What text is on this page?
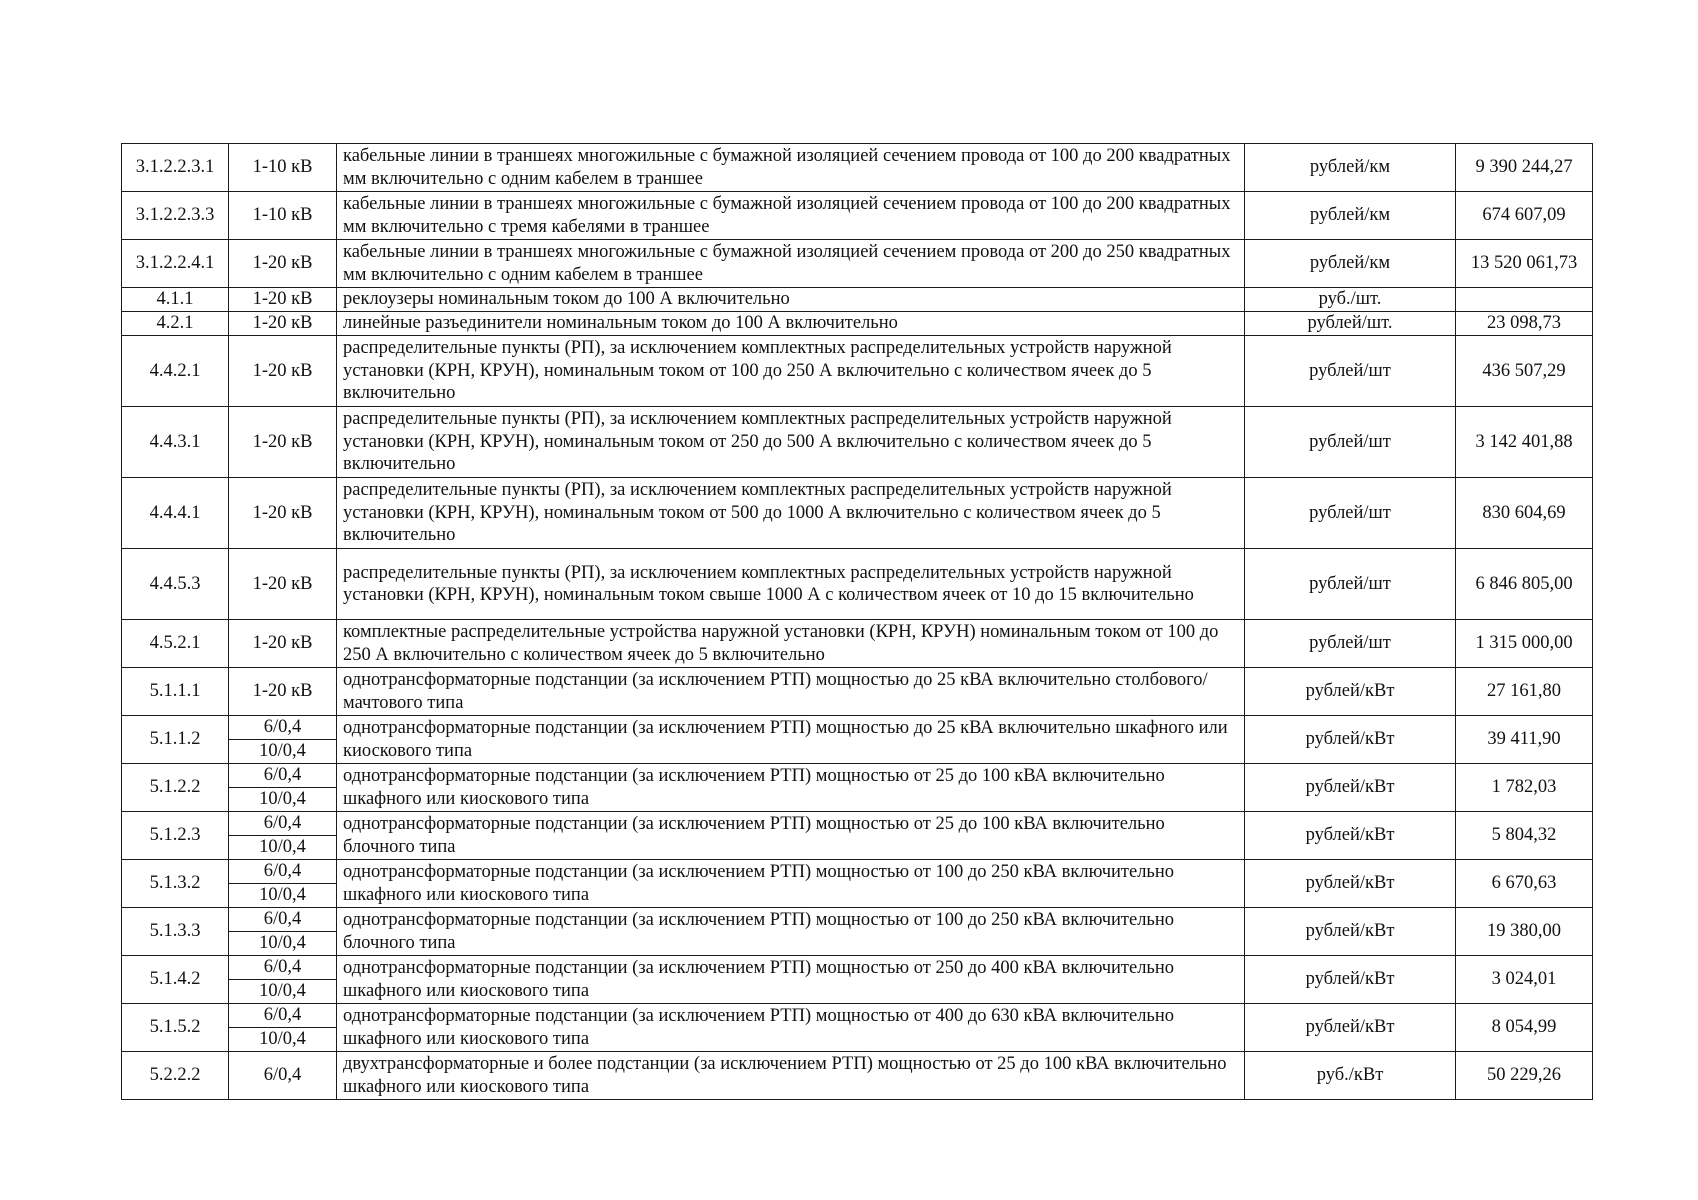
3.1.2.2.3.1	1-10 кВ	кабельные линии в траншеях многожильные с бумажной изоляцией сечением провода от 100 до 200 квадратных мм включительно с одним кабелем в траншее	рублей/км	9 390 244,27
3.1.2.2.3.3	1-10 кВ	кабельные линии в траншеях многожильные с бумажной изоляцией сечением провода от 100 до 200 квадратных мм включительно с тремя кабелями в траншее	рублей/км	674 607,09
3.1.2.2.4.1	1-20 кВ	кабельные линии в траншеях многожильные с бумажной изоляцией сечением провода от 200 до 250 квадратных мм включительно с одним кабелем в траншее	рублей/км	13 520 061,73
4.1.1	1-20 кВ	реклоузеры номинальным током до 100 А включительно	руб./шт.	
4.2.1	1-20 кВ	линейные разъединители номинальным током до 100 А включительно	рублей/шт.	23 098,73
4.4.2.1	1-20 кВ	распределительные пункты (РП), за исключением комплектных распределительных устройств наружной установки (КРН, КРУН), номинальным током от 100 до 250 А включительно с количеством ячеек до 5 включительно	рублей/шт	436 507,29
4.4.3.1	1-20 кВ	распределительные пункты (РП), за исключением комплектных распределительных устройств наружной установки (КРН, КРУН), номинальным током от 250 до 500 А включительно с количеством ячеек до 5 включительно	рублей/шт	3 142 401,88
4.4.4.1	1-20 кВ	распределительные пункты (РП), за исключением комплектных распределительных устройств наружной установки (КРН, КРУН), номинальным током от 500 до 1000 А включительно с количеством ячеек до 5 включительно	рублей/шт	830 604,69
4.4.5.3	1-20 кВ	распределительные пункты (РП), за исключением комплектных распределительных устройств наружной установки (КРН, КРУН), номинальным током свыше 1000 А с количеством ячеек от 10 до 15 включительно	рублей/шт	6 846 805,00
4.5.2.1	1-20 кВ	комплектные распределительные устройства наружной установки (КРН, КРУН) номинальным током от 100 до 250 А включительно с количеством ячеек до 5 включительно	рублей/шт	1 315 000,00
5.1.1.1	1-20 кВ	однотрансформаторные подстанции (за исключением РТП) мощностью до 25 кВА включительно столбового/мачтового типа	рублей/кВт	27 161,80
5.1.1.2	6/0,4	однотрансформаторные подстанции (за исключением РТП) мощностью до 25 кВА включительно шкафного или киоскового типа	рублей/кВт	39 411,90
	10/0,4			
5.1.2.2	6/0,4	однотрансформаторные подстанции (за исключением РТП) мощностью от 25 до 100 кВА включительно шкафного или киоскового типа	рублей/кВт	1 782,03
	10/0,4			
5.1.2.3	6/0,4	однотрансформаторные подстанции (за исключением РТП) мощностью от 25 до 100 кВА включительно блочного типа	рублей/кВт	5 804,32
	10/0,4			
5.1.3.2	6/0,4	однотрансформаторные подстанции (за исключением РТП) мощностью от 100 до 250 кВА включительно шкафного или киоскового типа	рублей/кВт	6 670,63
	10/0,4			
5.1.3.3	6/0,4	однотрансформаторные подстанции (за исключением РТП) мощностью от 100 до 250 кВА включительно блочного типа	рублей/кВт	19 380,00
	10/0,4			
5.1.4.2	6/0,4	однотрансформаторные подстанции (за исключением РТП) мощностью от 250 до 400 кВА включительно шкафного или киоскового типа	рублей/кВт	3 024,01
	10/0,4			
5.1.5.2	6/0,4	однотрансформаторные подстанции (за исключением РТП) мощностью от 400 до 630 кВА включительно шкафного или киоскового типа	рублей/кВт	8 054,99
	10/0,4			
5.2.2.2	6/0,4	двухтрансформаторные и более подстанции (за исключением РТП) мощностью от 25 до 100 кВА включительно шкафного или киоскового типа	руб./кВт	50 229,26
